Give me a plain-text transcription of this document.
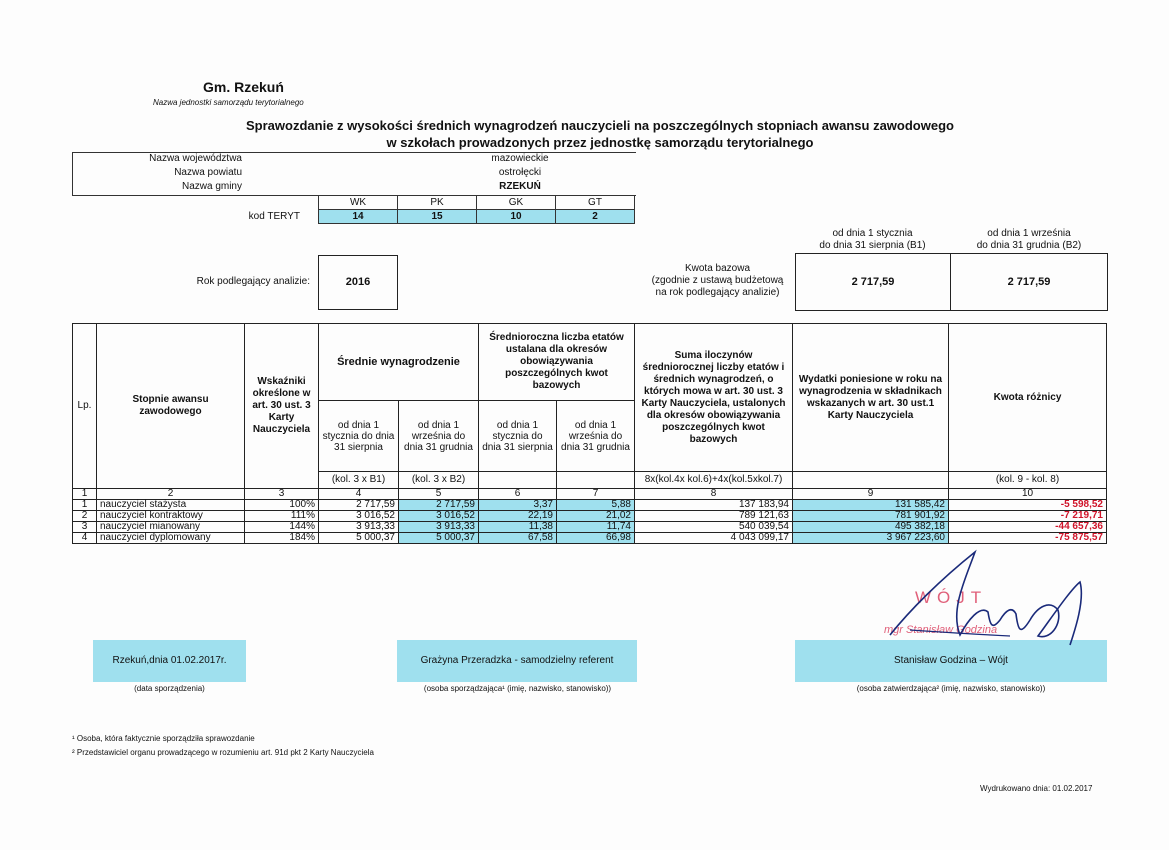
Gm. Rzekuń
Nazwa jednostki samorządu terytorialnego
Sprawozdanie z wysokości średnich wynagrodzeń nauczycieli na poszczególnych stopniach awansu zawodowego
w szkołach prowadzonych przez jednostkę samorządu terytorialnego
Nazwa województwa	mazowieckie
Nazwa powiatu	ostrołęcki
Nazwa gminy	RZEKUŃ
kod TERYT
WK	PK	GK	GT
14	15	10	2
od dnia 1 stycznia
do dnia 31 sierpnia (B1)
od dnia 1 września
do dnia 31 grudnia (B2)
Rok podlegający analizie:	2016
Kwota bazowa
(zgodnie z ustawą budżetową
na rok podlegający analizie)
2 717,59	2 717,59
Lp.	Stopnie awansu zawodowego	Wskaźniki określone w art. 30 ust. 3 Karty Nauczyciela	Średnie wynagrodzenie		Średnioroczna liczba etatów ustalana dla okresów obowiązywania poszczególnych kwot bazowych		Suma iloczynów średniorocznej liczby etatów i średnich wynagrodzeń, o których mowa w art. 30 ust. 3 Karty Nauczyciela, ustalonych dla okresów obowiązywania poszczególnych kwot bazowych	Wydatki poniesione w roku na wynagrodzenia w składnikach wskazanych w art. 30 ust.1 Karty Nauczyciela	Kwota różnicy
			od dnia 1 stycznia do dnia 31 sierpnia	od dnia 1 września do dnia 31 grudnia	od dnia 1 stycznia do dnia 31 sierpnia	od dnia 1 września do dnia 31 grudnia			
			(kol. 3 x B1)	(kol. 3 x B2)			8x(kol.4x kol.6)+4x(kol.5xkol.7)		(kol. 9 - kol. 8)
1	2	3	4	5	6	7	8	9	10
1	nauczyciel stażysta	100%	2 717,59	2 717,59	3,37	5,88	137 183,94	131 585,42	-5 598,52
2	nauczyciel kontraktowy	111%	3 016,52	3 016,52	22,19	21,02	789 121,63	781 901,92	-7 219,71
3	nauczyciel mianowany	144%	3 913,33	3 913,33	11,38	11,74	540 039,54	495 382,18	-44 657,36
4	nauczyciel dyplomowany	184%	5 000,37	5 000,37	67,58	66,98	4 043 099,17	3 967 223,60	-75 875,57
Rzekuń,dnia 01.02.2017r.
(data sporządzenia)
Grażyna Przeradzka - samodzielny referent
(osoba sporządzająca¹ (imię, nazwisko, stanowisko))
Stanisław Godzina – Wójt
(osoba zatwierdzająca² (imię, nazwisko, stanowisko))
WÓJT
mgr Stanisław Godzina
¹ Osoba, która faktycznie sporządziła sprawozdanie
² Przedstawiciel organu prowadzącego w rozumieniu art. 91d pkt 2 Karty Nauczyciela
Wydrukowano dnia: 01.02.2017
